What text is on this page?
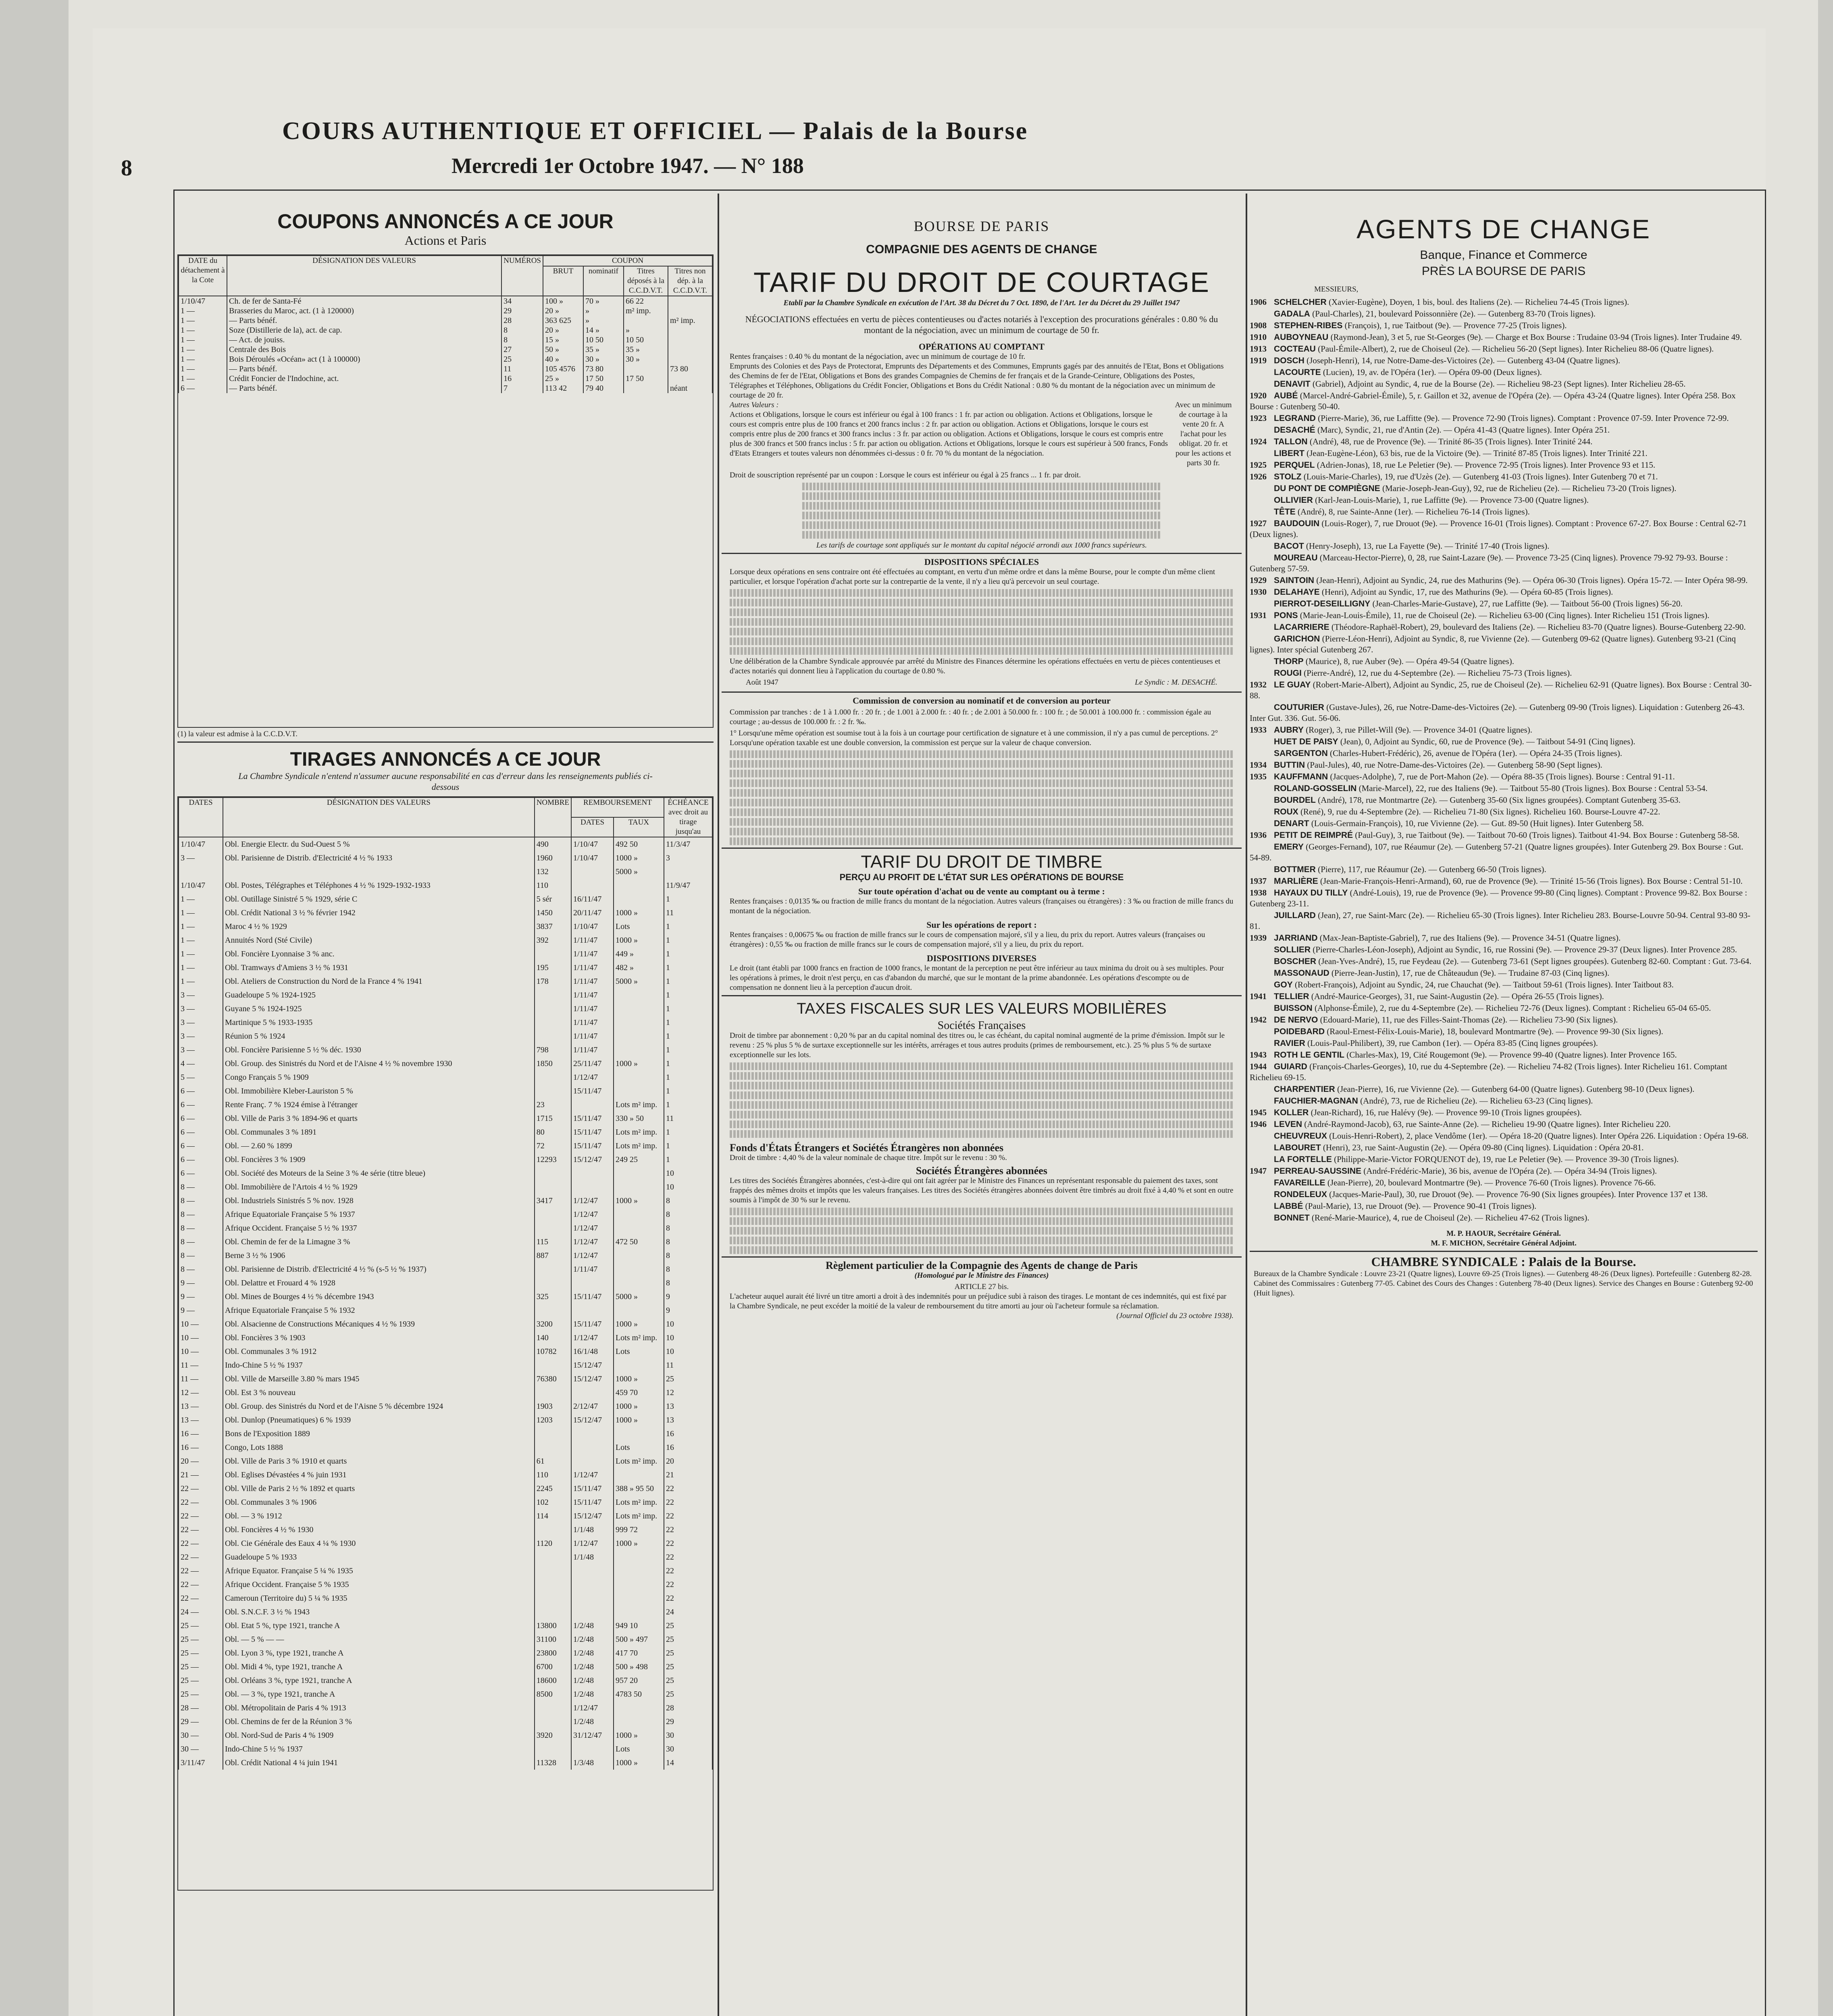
8
COURS AUTHENTIQUE ET OFFICIEL — Palais de la Bourse
Mercredi 1er Octobre 1947. — N° 188
COUPONS ANNONCÉS A CE JOUR
Actions et Paris
DATE du détachement à la Cote	DÉSIGNATION DES VALEURS	NUMÉROS	COUPON			
			BRUT	nominatif	Titres déposés à la C.C.D.V.T.	Titres non dép. à la C.C.D.V.T.
1/10/47	Ch. de fer de Santa-Fé	34	100 »	70 »	66 22	
1 —	Brasseries du Maroc, act. (1 à 120000)	29	20 »	»	m² imp.	
1 —	— Parts bénéf.	28	363 625	»		m² imp.
1 —	Soze (Distillerie de la), act. de cap.	8	20 »	14 »	»	
1 —	— Act. de jouiss.	8	15 »	10 50	10 50	
1 —	Centrale des Bois	27	50 »	35 »	35 »	
1 —	Bois Déroulés «Océan» act (1 à 100000)	25	40 »	30 »	30 »	
1 —	— Parts bénéf.	11	105 4576	73 80		73 80
1 —	Crédit Foncier de l'Indochine, act.	16	25 »	17 50	17 50	
6 —	— Parts bénéf.	7	113 42	79 40		néant
(1) la valeur est admise à la C.C.D.V.T.
TIRAGES ANNONCÉS A CE JOUR
La Chambre Syndicale n'entend n'assumer aucune responsabilité en cas d'erreur dans les renseignements publiés ci-dessous
DATES	DÉSIGNATION DES VALEURS	NOMBRE	REMBOURSEMENT		ÉCHÉANCE avec droit au tirage jusqu'au
			DATES	TAUX	
1/10/47	Obl. Energie Electr. du Sud-Ouest 5 %	490	1/10/47	492 50	11/3/47
3 —	Obl. Parisienne de Distrib. d'Electricité 4 ½ % 1933	1960	1/10/47	1000 »	3
		132		5000 »	
1/10/47	Obl. Postes, Télégraphes et Téléphones 4 ½ % 1929-1932-1933	110			11/9/47
1 —	Obl. Outillage Sinistré 5 % 1929, série C	5 sér	16/11/47		1
1 —	Obl. Crédit National 3 ½ % février 1942	1450	20/11/47	1000 »	11
1 —	Maroc 4 ½ % 1929	3837	1/10/47	Lots	1
1 —	Annuités Nord (Sté Civile)	392	1/11/47	1000 »	1
1 —	Obl. Foncière Lyonnaise 3 % anc.		1/11/47	449 »	1
1 —	Obl. Tramways d'Amiens 3 ½ % 1931	195	1/11/47	482 »	1
1 —	Obl. Ateliers de Construction du Nord de la France 4 % 1941	178	1/11/47	5000 »	1
3 —	Guadeloupe 5 % 1924-1925		1/11/47		1
3 —	Guyane 5 % 1924-1925		1/11/47		1
3 —	Martinique 5 % 1933-1935		1/11/47		1
3 —	Réunion 5 % 1924		1/11/47		1
3 —	Obl. Foncière Parisienne 5 ½ % déc. 1930	798	1/11/47		1
4 —	Obl. Group. des Sinistrés du Nord et de l'Aisne 4 ½ % novembre 1930	1850	25/11/47	1000 »	1
5 —	Congo Français 5 % 1909		1/12/47		1
6 —	Obl. Immobilière Kleber-Lauriston 5 %		15/11/47		1
6 —	Rente Franç. 7 % 1924 émise à l'étranger	23		Lots m² imp.	1
6 —	Obl. Ville de Paris 3 % 1894-96 et quarts	1715	15/11/47	330 » 50	11
6 —	Obl. Communales 3 % 1891	80	15/11/47	Lots m² imp.	1
6 —	Obl. — 2.60 % 1899	72	15/11/47	Lots m² imp.	1
6 —	Obl. Foncières 3 % 1909	12293	15/12/47	249 25	1
6 —	Obl. Société des Moteurs de la Seine 3 % 4e série (titre bleue)				10
8 —	Obl. Immobilière de l'Artois 4 ½ % 1929				10
8 —	Obl. Industriels Sinistrés 5 % nov. 1928	3417	1/12/47	1000 »	8
8 —	Afrique Equatoriale Française 5 % 1937		1/12/47		8
8 —	Afrique Occident. Française 5 ½ % 1937		1/12/47		8
8 —	Obl. Chemin de fer de la Limagne 3 %	115	1/12/47	472 50	8
8 —	Berne 3 ½ % 1906	887	1/12/47		8
8 —	Obl. Parisienne de Distrib. d'Electricité 4 ½ % (s-5 ½ % 1937)		1/11/47		8
9 —	Obl. Delattre et Frouard 4 % 1928				8
9 —	Obl. Mines de Bourges 4 ½ % décembre 1943	325	15/11/47	5000 »	9
9 —	Afrique Equatoriale Française 5 % 1932				9
10 —	Obl. Alsacienne de Constructions Mécaniques 4 ½ % 1939	3200	15/11/47	1000 »	10
10 —	Obl. Foncières 3 % 1903	140	1/12/47	Lots m² imp.	10
10 —	Obl. Communales 3 % 1912	10782	16/1/48	Lots	10
11 —	Indo-Chine 5 ½ % 1937		15/12/47		11
11 —	Obl. Ville de Marseille 3.80 % mars 1945	76380	15/12/47	1000 »	25
12 —	Obl. Est 3 % nouveau			459 70	12
13 —	Obl. Group. des Sinistrés du Nord et de l'Aisne 5 % décembre 1924	1903	2/12/47	1000 »	13
13 —	Obl. Dunlop (Pneumatiques) 6 % 1939	1203	15/12/47	1000 »	13
16 —	Bons de l'Exposition 1889				16
16 —	Congo, Lots 1888			Lots	16
20 —	Obl. Ville de Paris 3 % 1910 et quarts	61		Lots m² imp.	20
21 —	Obl. Eglises Dévastées 4 % juin 1931	110	1/12/47		21
22 —	Obl. Ville de Paris 2 ½ % 1892 et quarts	2245	15/11/47	388 » 95 50	22
22 —	Obl. Communales 3 % 1906	102	15/11/47	Lots m² imp.	22
22 —	Obl. — 3 % 1912	114	15/12/47	Lots m² imp.	22
22 —	Obl. Foncières 4 ½ % 1930		1/1/48	999 72	22
22 —	Obl. Cie Générale des Eaux 4 ¼ % 1930	1120	1/12/47	1000 »	22
22 —	Guadeloupe 5 % 1933		1/1/48		22
22 —	Afrique Equator. Française 5 ¼ % 1935				22
22 —	Afrique Occident. Française 5 % 1935				22
22 —	Cameroun (Territoire du) 5 ¼ % 1935				22
24 —	Obl. S.N.C.F. 3 ½ % 1943				24
25 —	Obl. Etat 5 %, type 1921, tranche A	13800	1/2/48	949 10	25
25 —	Obl. — 5 % — —	31100	1/2/48	500 » 497	25
25 —	Obl. Lyon 3 %, type 1921, tranche A	23800	1/2/48	417 70	25
25 —	Obl. Midi 4 %, type 1921, tranche A	6700	1/2/48	500 » 498	25
25 —	Obl. Orléans 3 %, type 1921, tranche A	18600	1/2/48	957 20	25
25 —	Obl. — 3 %, type 1921, tranche A	8500	1/2/48	4783 50	25
28 —	Obl. Métropolitain de Paris 4 % 1913		1/12/47		28
29 —	Obl. Chemins de fer de la Réunion 3 %		1/2/48		29
30 —	Obl. Nord-Sud de Paris 4 % 1909	3920	31/12/47	1000 »	30
30 —	Indo-Chine 5 ½ % 1937			Lots	30
3/11/47	Obl. Crédit National 4 ¼ juin 1941	11328	1/3/48	1000 »	14
BOURSE DE PARIS
COMPAGNIE DES AGENTS DE CHANGE
TARIF DU DROIT DE COURTAGE
Etabli par la Chambre Syndicale en exécution de l'Art. 38 du Décret du 7 Oct. 1890, de l'Art. 1er du Décret du 29 Juillet 1947
NÉGOCIATIONS effectuées en vertu de pièces contentieuses ou d'actes notariés à l'exception des procurations générales : 0.80 % du montant de la négociation, avec un minimum de courtage de 50 fr.
OPÉRATIONS AU COMPTANT
Rentes françaises : 0.40 % du montant de la négociation, avec un minimum de courtage de 10 fr.
Emprunts des Colonies et des Pays de Protectorat, Emprunts des Départements et des Communes, Emprunts gagés par des annuités de l'Etat, Bons et Obligations des Chemins de fer de l'Etat, Obligations et Bons des grandes Compagnies de Chemins de fer français et de la Grande-Ceinture, Obligations des Postes, Télégraphes et Téléphones, Obligations du Crédit Foncier, Obligations et Bons du Crédit National : 0.80 % du montant de la négociation avec un minimum de courtage de 20 fr.
Autres Valeurs :
Actions et Obligations, lorsque le cours est inférieur ou égal à 100 francs : 1 fr. par action ou obligation. Actions et Obligations, lorsque le cours est compris entre plus de 100 francs et 200 francs inclus : 2 fr. par action ou obligation. Actions et Obligations, lorsque le cours est compris entre plus de 200 francs et 300 francs inclus : 3 fr. par action ou obligation. Actions et Obligations, lorsque le cours est compris entre plus de 300 francs et 500 francs inclus : 5 fr. par action ou obligation. Actions et Obligations, lorsque le cours est supérieur à 500 francs, Fonds d'Etats Etrangers et toutes valeurs non dénommées ci-dessus : 0 fr. 70 % du montant de la négociation.
Avec un minimum de courtage à la vente 20 fr. A l'achat pour les obligat. 20 fr. et pour les actions et parts 30 fr.
Droit de souscription représenté par un coupon : Lorsque le cours est inférieur ou égal à 25 francs ... 1 fr. par droit.
Les tarifs de courtage sont appliqués sur le montant du capital négocié arrondi aux 1000 francs supérieurs.
DISPOSITIONS SPÉCIALES
Lorsque deux opérations en sens contraire ont été effectuées au comptant, en vertu d'un même ordre et dans la même Bourse, pour le compte d'un même client particulier, et lorsque l'opération d'achat porte sur la contrepartie de la vente, il n'y a lieu qu'à percevoir un seul courtage.
Une délibération de la Chambre Syndicale approuvée par arrêté du Ministre des Finances détermine les opérations effectuées en vertu de pièces contentieuses et d'actes notariés qui donnent lieu à l'application du courtage de 0.80 %.
Août 1947	Le Syndic : M. DESACHÉ.
Commission de conversion au nominatif et de conversion au porteur
Commission par tranches : de 1 à 1.000 fr. : 20 fr. ; de 1.001 à 2.000 fr. : 40 fr. ; de 2.001 à 50.000 fr. : 100 fr. ; de 50.001 à 100.000 fr. : commission égale au courtage ; au-dessus de 100.000 fr. : 2 fr. ‰.
1° Lorsqu'une même opération est soumise tout à la fois à un courtage pour certification de signature et à une commission, il n'y a pas cumul de perceptions. 2° Lorsqu'une opération taxable est une double conversion, la commission est perçue sur la valeur de chaque conversion.
TARIF DU DROIT DE TIMBRE
PERÇU AU PROFIT DE L'ÉTAT SUR LES OPÉRATIONS DE BOURSE
Sur toute opération d'achat ou de vente au comptant ou à terme :
Rentes françaises : 0,0135 ‰ ou fraction de mille francs du montant de la négociation. Autres valeurs (françaises ou étrangères) : 3 ‰ ou fraction de mille francs du montant de la négociation.
Sur les opérations de report :
Rentes françaises : 0,00675 ‰ ou fraction de mille francs sur le cours de compensation majoré, s'il y a lieu, du prix du report. Autres valeurs (françaises ou étrangères) : 0,55 ‰ ou fraction de mille francs sur le cours de compensation majoré, s'il y a lieu, du prix du report.
DISPOSITIONS DIVERSES
Le droit (tant établi par 1000 francs en fraction de 1000 francs, le montant de la perception ne peut être inférieur au taux minima du droit ou à ses multiples. Pour les opérations à primes, le droit n'est perçu, en cas d'abandon du marché, que sur le montant de la prime abandonnée. Les opérations d'escompte ou de compensation ne donnent lieu à la perception d'aucun droit.
TAXES FISCALES SUR LES VALEURS MOBILIÈRES
Sociétés Françaises
Droit de timbre par abonnement : 0,20 % par an du capital nominal des titres ou, le cas échéant, du capital nominal augmenté de la prime d'émission. Impôt sur le revenu : 25 % plus 5 % de surtaxe exceptionnelle sur les intérêts, arrérages et tous autres produits (primes de remboursement, etc.). 25 % plus 5 % de surtaxe exceptionnelle sur les lots.
Fonds d'États Étrangers et Sociétés Étrangères non abonnées
Droit de timbre : 4,40 % de la valeur nominale de chaque titre. Impôt sur le revenu : 30 %.
Sociétés Étrangères abonnées
Les titres des Sociétés Étrangères abonnées, c'est-à-dire qui ont fait agréer par le Ministre des Finances un représentant responsable du paiement des taxes, sont frappés des mêmes droits et impôts que les valeurs françaises. Les titres des Sociétés étrangères abonnées doivent être timbrés au droit fixé à 4,40 % et sont en outre soumis à l'impôt de 30 % sur le revenu.
Règlement particulier de la Compagnie des Agents de change de Paris
(Homologué par le Ministre des Finances)
ARTICLE 27 bis.
L'acheteur auquel aurait été livré un titre amorti a droit à des indemnités pour un préjudice subi à raison des tirages. Le montant de ces indemnités, qui est fixé par la Chambre Syndicale, ne peut excéder la moitié de la valeur de remboursement du titre amorti au jour où l'acheteur formule sa réclamation.
(Journal Officiel du 23 octobre 1938).
AGENTS DE CHANGE
Banque, Finance et Commerce
PRÈS LA BOURSE DE PARIS
MESSIEURS,
1906 SCHELCHER (Xavier-Eugène), Doyen, 1 bis, boul. des Italiens (2e). — Richelieu 74-45 (Trois lignes).
GADALA (Paul-Charles), 21, boulevard Poissonnière (2e). — Gutenberg 83-70 (Trois lignes).
1908 STEPHEN-RIBES (François), 1, rue Taitbout (9e). — Provence 77-25 (Trois lignes).
1910 AUBOYNEAU (Raymond-Jean), 3 et 5, rue St-Georges (9e). — Charge et Box Bourse : Trudaine 03-94 (Trois lignes). Inter Trudaine 49.
1913 COCTEAU (Paul-Émile-Albert), 2, rue de Choiseul (2e). — Richelieu 56-20 (Sept lignes). Inter Richelieu 88-06 (Quatre lignes).
1919 DOSCH (Joseph-Henri), 14, rue Notre-Dame-des-Victoires (2e). — Gutenberg 43-04 (Quatre lignes).
LACOURTE (Lucien), 19, av. de l'Opéra (1er). — Opéra 09-00 (Deux lignes).
DENAVIT (Gabriel), Adjoint au Syndic, 4, rue de la Bourse (2e). — Richelieu 98-23 (Sept lignes). Inter Richelieu 28-65.
1920 AUBÉ (Marcel-André-Gabriel-Émile), 5, r. Gaillon et 32, avenue de l'Opéra (2e). — Opéra 43-24 (Quatre lignes). Inter Opéra 258. Box Bourse : Gutenberg 50-40.
1923 LEGRAND (Pierre-Marie), 36, rue Laffitte (9e). — Provence 72-90 (Trois lignes). Comptant : Provence 07-59. Inter Provence 72-99.
DESACHÉ (Marc), Syndic, 21, rue d'Antin (2e). — Opéra 41-43 (Quatre lignes). Inter Opéra 251.
1924 TALLON (André), 48, rue de Provence (9e). — Trinité 86-35 (Trois lignes). Inter Trinité 244.
LIBERT (Jean-Eugène-Léon), 63 bis, rue de la Victoire (9e). — Trinité 87-85 (Trois lignes). Inter Trinité 221.
1925 PERQUEL (Adrien-Jonas), 18, rue Le Peletier (9e). — Provence 72-95 (Trois lignes). Inter Provence 93 et 115.
1926 STOLZ (Louis-Marie-Charles), 19, rue d'Uzès (2e). — Gutenberg 41-03 (Trois lignes). Inter Gutenberg 70 et 71.
DU PONT DE COMPIÈGNE (Marie-Joseph-Jean-Guy), 92, rue de Richelieu (2e). — Richelieu 73-20 (Trois lignes).
OLLIVIER (Karl-Jean-Louis-Marie), 1, rue Laffitte (9e). — Provence 73-00 (Quatre lignes).
TÊTE (André), 8, rue Sainte-Anne (1er). — Richelieu 76-14 (Trois lignes).
1927 BAUDOUIN (Louis-Roger), 7, rue Drouot (9e). — Provence 16-01 (Trois lignes). Comptant : Provence 67-27. Box Bourse : Central 62-71 (Deux lignes).
BACOT (Henry-Joseph), 13, rue La Fayette (9e). — Trinité 17-40 (Trois lignes).
MOUREAU (Marceau-Hector-Pierre), 0, 28, rue Saint-Lazare (9e). — Provence 73-25 (Cinq lignes). Provence 79-92 79-93. Bourse : Gutenberg 57-59.
1929 SAINTOIN (Jean-Henri), Adjoint au Syndic, 24, rue des Mathurins (9e). — Opéra 06-30 (Trois lignes). Opéra 15-72. — Inter Opéra 98-99.
1930 DELAHAYE (Henri), Adjoint au Syndic, 17, rue des Mathurins (9e). — Opéra 60-85 (Trois lignes).
PIERROT-DESEILLIGNY (Jean-Charles-Marie-Gustave), 27, rue Laffitte (9e). — Taitbout 56-00 (Trois lignes) 56-20.
1931 PONS (Marie-Jean-Louis-Émile), 11, rue de Choiseul (2e). — Richelieu 63-00 (Cinq lignes). Inter Richelieu 151 (Trois lignes).
LACARRIERE (Théodore-Raphaël-Robert), 29, boulevard des Italiens (2e). — Richelieu 83-70 (Quatre lignes). Bourse-Gutenberg 22-90.
GARICHON (Pierre-Léon-Henri), Adjoint au Syndic, 8, rue Vivienne (2e). — Gutenberg 09-62 (Quatre lignes). Gutenberg 93-21 (Cinq lignes). Inter spécial Gutenberg 267.
THORP (Maurice), 8, rue Auber (9e). — Opéra 49-54 (Quatre lignes).
ROUGI (Pierre-André), 12, rue du 4-Septembre (2e). — Richelieu 75-73 (Trois lignes).
1932 LE GUAY (Robert-Marie-Albert), Adjoint au Syndic, 25, rue de Choiseul (2e). — Richelieu 62-91 (Quatre lignes). Box Bourse : Central 30-88.
COUTURIER (Gustave-Jules), 26, rue Notre-Dame-des-Victoires (2e). — Gutenberg 09-90 (Trois lignes). Liquidation : Gutenberg 26-43. Inter Gut. 336. Gut. 56-06.
1933 AUBRY (Roger), 3, rue Pillet-Will (9e). — Provence 34-01 (Quatre lignes).
HUET DE PAISY (Jean), 0, Adjoint au Syndic, 60, rue de Provence (9e). — Taitbout 54-91 (Cinq lignes).
SARGENTON (Charles-Hubert-Frédéric), 26, avenue de l'Opéra (1er). — Opéra 24-35 (Trois lignes).
1934 BUTTIN (Paul-Jules), 40, rue Notre-Dame-des-Victoires (2e). — Gutenberg 58-90 (Sept lignes).
1935 KAUFFMANN (Jacques-Adolphe), 7, rue de Port-Mahon (2e). — Opéra 88-35 (Trois lignes). Bourse : Central 91-11.
ROLAND-GOSSELIN (Marie-Marcel), 22, rue des Italiens (9e). — Taitbout 55-80 (Trois lignes). Box Bourse : Central 53-54.
BOURDEL (André), 178, rue Montmartre (2e). — Gutenberg 35-60 (Six lignes groupées). Comptant Gutenberg 35-63.
ROUX (René), 9, rue du 4-Septembre (2e). — Richelieu 71-80 (Six lignes). Richelieu 160. Bourse-Louvre 47-22.
DENART (Louis-Germain-François), 10, rue Vivienne (2e). — Gut. 89-50 (Huit lignes). Inter Gutenberg 58.
1936 PETIT DE REIMPRÉ (Paul-Guy), 3, rue Taitbout (9e). — Taitbout 70-60 (Trois lignes). Taitbout 41-94. Box Bourse : Gutenberg 58-58.
EMERY (Georges-Fernand), 107, rue Réaumur (2e). — Gutenberg 57-21 (Quatre lignes groupées). Inter Gutenberg 29. Box Bourse : Gut. 54-89.
BOTTMER (Pierre), 117, rue Réaumur (2e). — Gutenberg 66-50 (Trois lignes).
1937 MARLIÈRE (Jean-Marie-François-Henri-Armand), 60, rue de Provence (9e). — Trinité 15-56 (Trois lignes). Box Bourse : Central 51-10.
1938 HAYAUX DU TILLY (André-Louis), 19, rue de Provence (9e). — Provence 99-80 (Cinq lignes). Comptant : Provence 99-82. Box Bourse : Gutenberg 23-11.
JUILLARD (Jean), 27, rue Saint-Marc (2e). — Richelieu 65-30 (Trois lignes). Inter Richelieu 283. Bourse-Louvre 50-94. Central 93-80 93-81.
1939 JARRIAND (Max-Jean-Baptiste-Gabriel), 7, rue des Italiens (9e). — Provence 34-51 (Quatre lignes).
SOLLIER (Pierre-Charles-Léon-Joseph), Adjoint au Syndic, 16, rue Rossini (9e). — Provence 29-37 (Deux lignes). Inter Provence 285.
BOSCHER (Jean-Yves-André), 15, rue Feydeau (2e). — Gutenberg 73-61 (Sept lignes groupées). Gutenberg 82-60. Comptant : Gut. 73-64.
MASSONAUD (Pierre-Jean-Justin), 17, rue de Châteaudun (9e). — Trudaine 87-03 (Cinq lignes).
GOY (Robert-François), Adjoint au Syndic, 24, rue Chauchat (9e). — Taitbout 59-61 (Trois lignes). Inter Taitbout 83.
1941 TELLIER (André-Maurice-Georges), 31, rue Saint-Augustin (2e). — Opéra 26-55 (Trois lignes).
BUISSON (Alphonse-Émile), 2, rue du 4-Septembre (2e). — Richelieu 72-76 (Deux lignes). Comptant : Richelieu 65-04 65-05.
1942 DE NERVO (Edouard-Marie), 11, rue des Filles-Saint-Thomas (2e). — Richelieu 73-90 (Six lignes).
POIDEBARD (Raoul-Ernest-Félix-Louis-Marie), 18, boulevard Montmartre (9e). — Provence 99-30 (Six lignes).
RAVIER (Louis-Paul-Philibert), 39, rue Cambon (1er). — Opéra 83-85 (Cinq lignes groupées).
1943 ROTH LE GENTIL (Charles-Max), 19, Cité Rougemont (9e). — Provence 99-40 (Quatre lignes). Inter Provence 165.
1944 GUIARD (François-Charles-Georges), 10, rue du 4-Septembre (2e). — Richelieu 74-82 (Trois lignes). Inter Richelieu 161. Comptant Richelieu 69-15.
CHARPENTIER (Jean-Pierre), 16, rue Vivienne (2e). — Gutenberg 64-00 (Quatre lignes). Gutenberg 98-10 (Deux lignes).
FAUCHIER-MAGNAN (André), 73, rue de Richelieu (2e). — Richelieu 63-23 (Cinq lignes).
1945 KOLLER (Jean-Richard), 16, rue Halévy (9e). — Provence 99-10 (Trois lignes groupées).
1946 LEVEN (André-Raymond-Jacob), 63, rue Sainte-Anne (2e). — Richelieu 19-90 (Quatre lignes). Inter Richelieu 220.
CHEUVREUX (Louis-Henri-Robert), 2, place Vendôme (1er). — Opéra 18-20 (Quatre lignes). Inter Opéra 226. Liquidation : Opéra 19-68.
LABOURET (Henri), 23, rue Saint-Augustin (2e). — Opéra 09-80 (Cinq lignes). Liquidation : Opéra 20-81.
LA FORTELLE (Philippe-Marie-Victor FORQUENOT de), 19, rue Le Peletier (9e). — Provence 39-30 (Trois lignes).
1947 PERREAU-SAUSSINE (André-Frédéric-Marie), 36 bis, avenue de l'Opéra (2e). — Opéra 34-94 (Trois lignes).
FAVAREILLE (Jean-Pierre), 20, boulevard Montmartre (9e). — Provence 76-60 (Trois lignes). Provence 76-66.
RONDELEUX (Jacques-Marie-Paul), 30, rue Drouot (9e). — Provence 76-90 (Six lignes groupées). Inter Provence 137 et 138.
LABBÉ (Paul-Marie), 13, rue Drouot (9e). — Provence 90-41 (Trois lignes).
BONNET (René-Marie-Maurice), 4, rue de Choiseul (2e). — Richelieu 47-62 (Trois lignes).
M. P. HAOUR, Secrétaire Général.
M. F. MICHON, Secrétaire Général Adjoint.
CHAMBRE SYNDICALE : Palais de la Bourse.
Bureaux de la Chambre Syndicale : Louvre 23-21 (Quatre lignes), Louvre 69-25 (Trois lignes). — Gutenberg 48-26 (Deux lignes). Portefeuille : Gutenberg 82-28. Cabinet des Commissaires : Gutenberg 77-05. Cabinet des Cours des Changes : Gutenberg 78-40 (Deux lignes). Service des Changes en Bourse : Gutenberg 92-00 (Huit lignes).
